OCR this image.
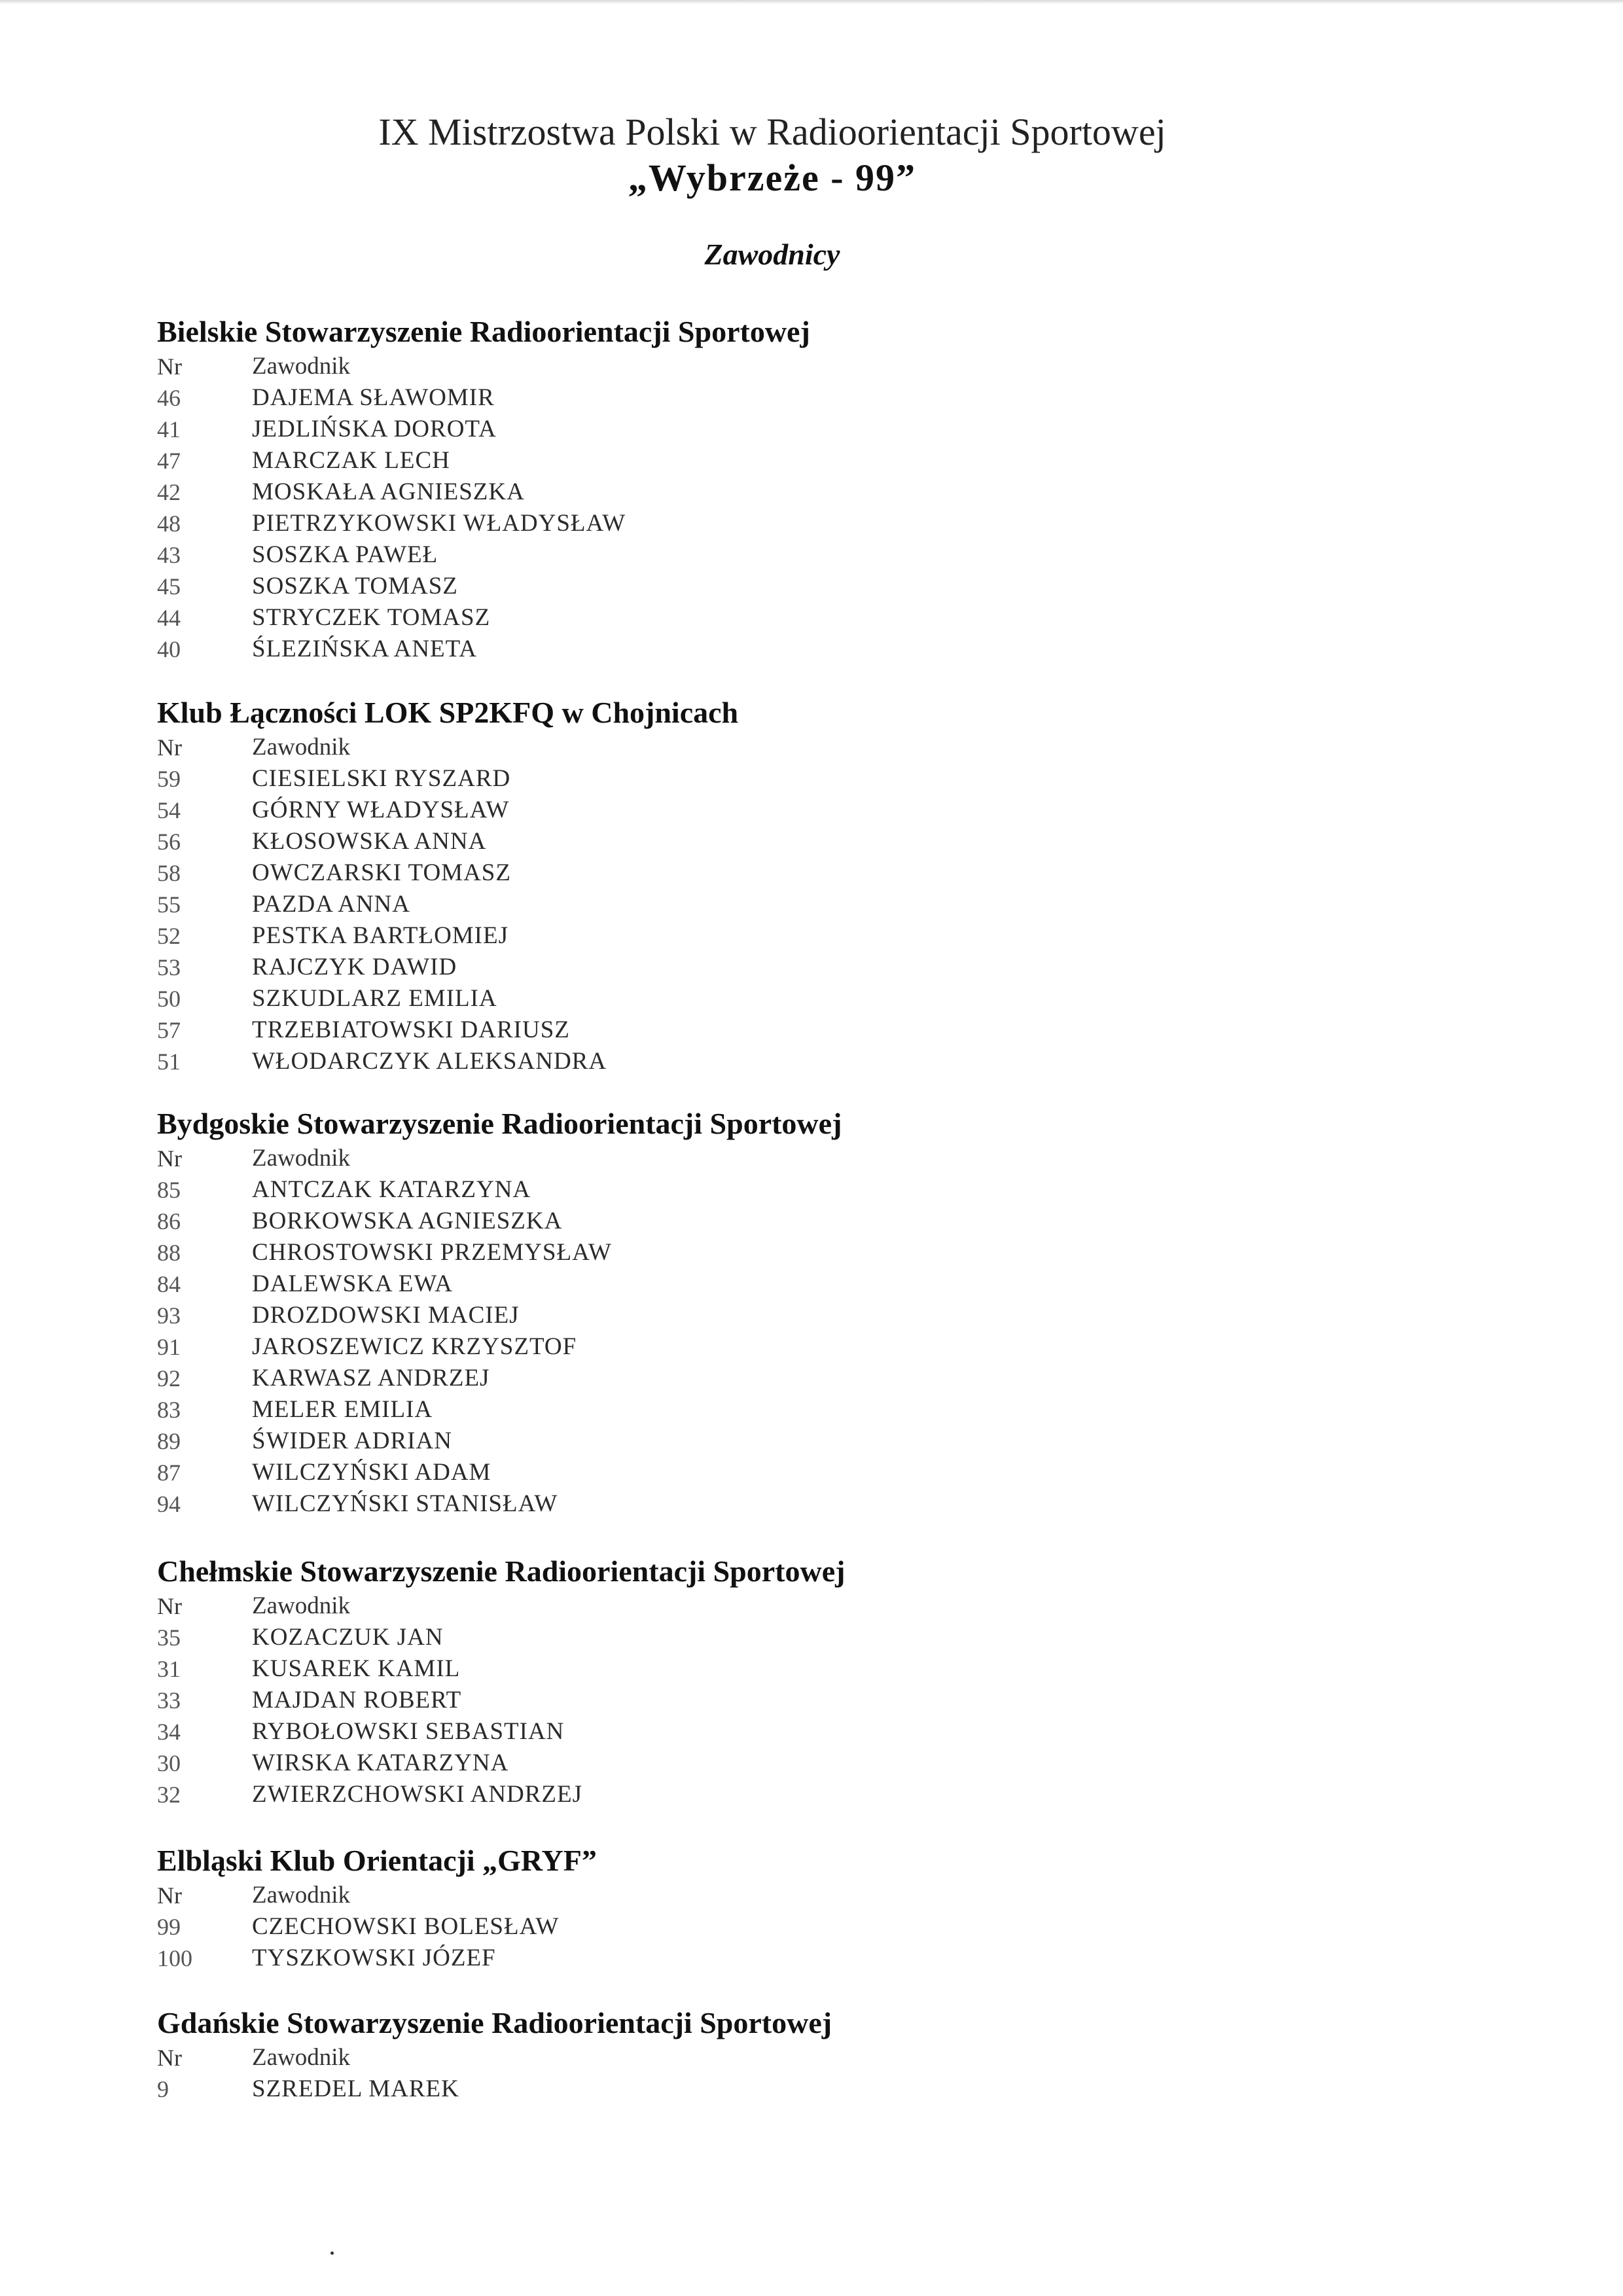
IX Mistrzostwa Polski w Radioorientacji Sportowej
„Wybrzeże - 99”
Zawodnicy
Bielskie Stowarzyszenie Radioorientacji Sportowej
Nr	Zawodnik
46	DAJEMA SŁAWOMIR
41	JEDLIŃSKA DOROTA
47	MARCZAK LECH
42	MOSKAŁA AGNIESZKA
48	PIETRZYKOWSKI WŁADYSŁAW
43	SOSZKA PAWEŁ
45	SOSZKA TOMASZ
44	STRYCZEK TOMASZ
40	ŚLEZIŃSKA ANETA
Klub Łączności LOK SP2KFQ w Chojnicach
Nr	Zawodnik
59	CIESIELSKI RYSZARD
54	GÓRNY WŁADYSŁAW
56	KŁOSOWSKA ANNA
58	OWCZARSKI TOMASZ
55	PAZDA ANNA
52	PESTKA BARTŁOMIEJ
53	RAJCZYK DAWID
50	SZKUDLARZ EMILIA
57	TRZEBIATOWSKI DARIUSZ
51	WŁODARCZYK ALEKSANDRA
Bydgoskie Stowarzyszenie Radioorientacji Sportowej
Nr	Zawodnik
85	ANTCZAK KATARZYNA
86	BORKOWSKA AGNIESZKA
88	CHROSTOWSKI PRZEMYSŁAW
84	DALEWSKA EWA
93	DROZDOWSKI MACIEJ
91	JAROSZEWICZ KRZYSZTOF
92	KARWASZ ANDRZEJ
83	MELER EMILIA
89	ŚWIDER ADRIAN
87	WILCZYŃSKI ADAM
94	WILCZYŃSKI STANISŁAW
Chełmskie Stowarzyszenie Radioorientacji Sportowej
Nr	Zawodnik
35	KOZACZUK JAN
31	KUSAREK KAMIL
33	MAJDAN ROBERT
34	RYBOŁOWSKI SEBASTIAN
30	WIRSKA KATARZYNA
32	ZWIERZCHOWSKI ANDRZEJ
Elbląski Klub Orientacji „GRYF”
Nr	Zawodnik
99	CZECHOWSKI BOLESŁAW
100	TYSZKOWSKI JÓZEF
Gdańskie Stowarzyszenie Radioorientacji Sportowej
Nr	Zawodnik
9	SZREDEL MAREK
